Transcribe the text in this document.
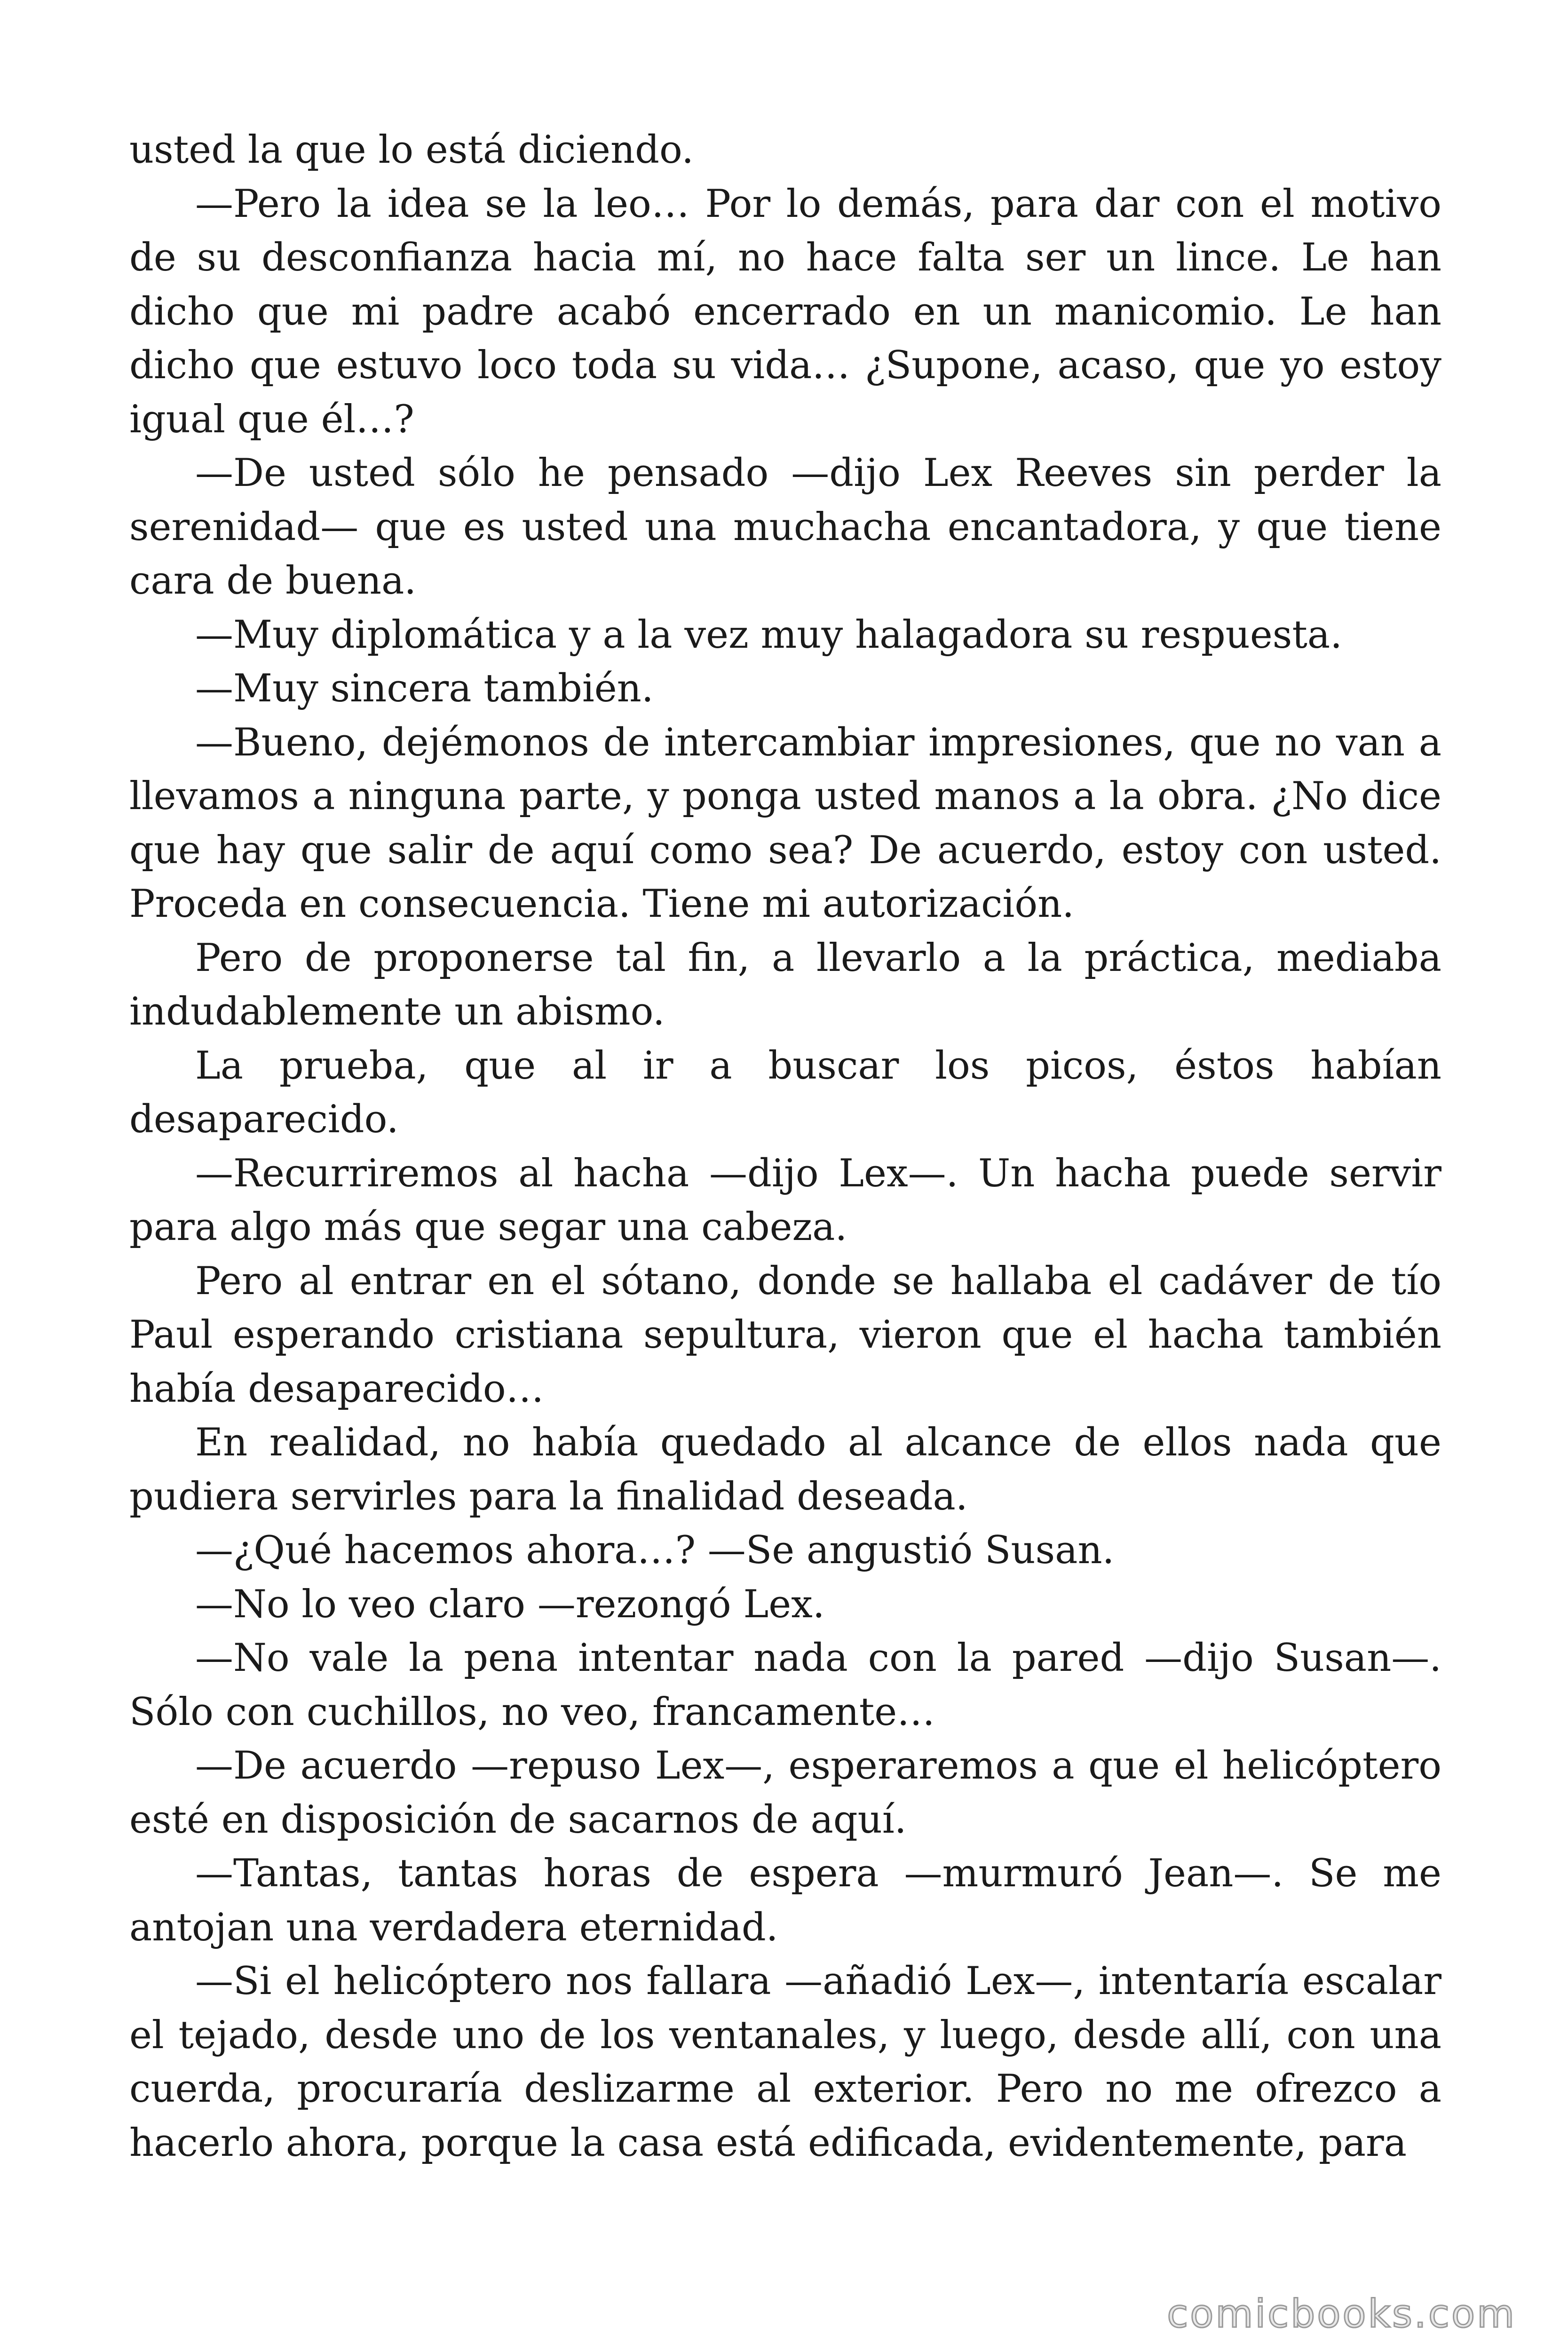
usted la que lo está diciendo.

—Pero la idea se la leo… Por lo demás, para dar con el motivo de su desconfianza hacia mí, no hace falta ser un lince. Le han dicho que mi padre acabó encerrado en un manicomio. Le han dicho que estuvo loco toda su vida… ¿Supone, acaso, que yo estoy igual que él…?

—De usted sólo he pensado —dijo Lex Reeves sin perder la serenidad— que es usted una muchacha encantadora, y que tiene cara de buena.

—Muy diplomática y a la vez muy halagadora su respuesta.

—Muy sincera también.

—Bueno, dejémonos de intercambiar impresiones, que no van a llevamos a ninguna parte, y ponga usted manos a la obra. ¿No dice que hay que salir de aquí como sea? De acuerdo, estoy con usted. Proceda en consecuencia. Tiene mi autorización.

Pero de proponerse tal fin, a llevarlo a la práctica, mediaba indudablemente un abismo.

La prueba, que al ir a buscar los picos, éstos habían desaparecido.

—Recurriremos al hacha —dijo Lex—. Un hacha puede servir para algo más que segar una cabeza.

Pero al entrar en el sótano, donde se hallaba el cadáver de tío Paul esperando cristiana sepultura, vieron que el hacha también había desaparecido…

En realidad, no había quedado al alcance de ellos nada que pudiera servirles para la finalidad deseada.

—¿Qué hacemos ahora…? —Se angustió Susan.

—No lo veo claro —rezongó Lex.

—No vale la pena intentar nada con la pared —dijo Susan—. Sólo con cuchillos, no veo, francamente…

—De acuerdo —repuso Lex—, esperaremos a que el helicóptero esté en disposición de sacarnos de aquí.

—Tantas, tantas horas de espera —murmuró Jean—. Se me antojan una verdadera eternidad.

—Si el helicóptero nos fallara —añadió Lex—, intentaría escalar el tejado, desde uno de los ventanales, y luego, desde allí, con una cuerda, procuraría deslizarme al exterior. Pero no me ofrezco a hacerlo ahora, porque la casa está edificada, evidentemente, para

comicbooks.com
